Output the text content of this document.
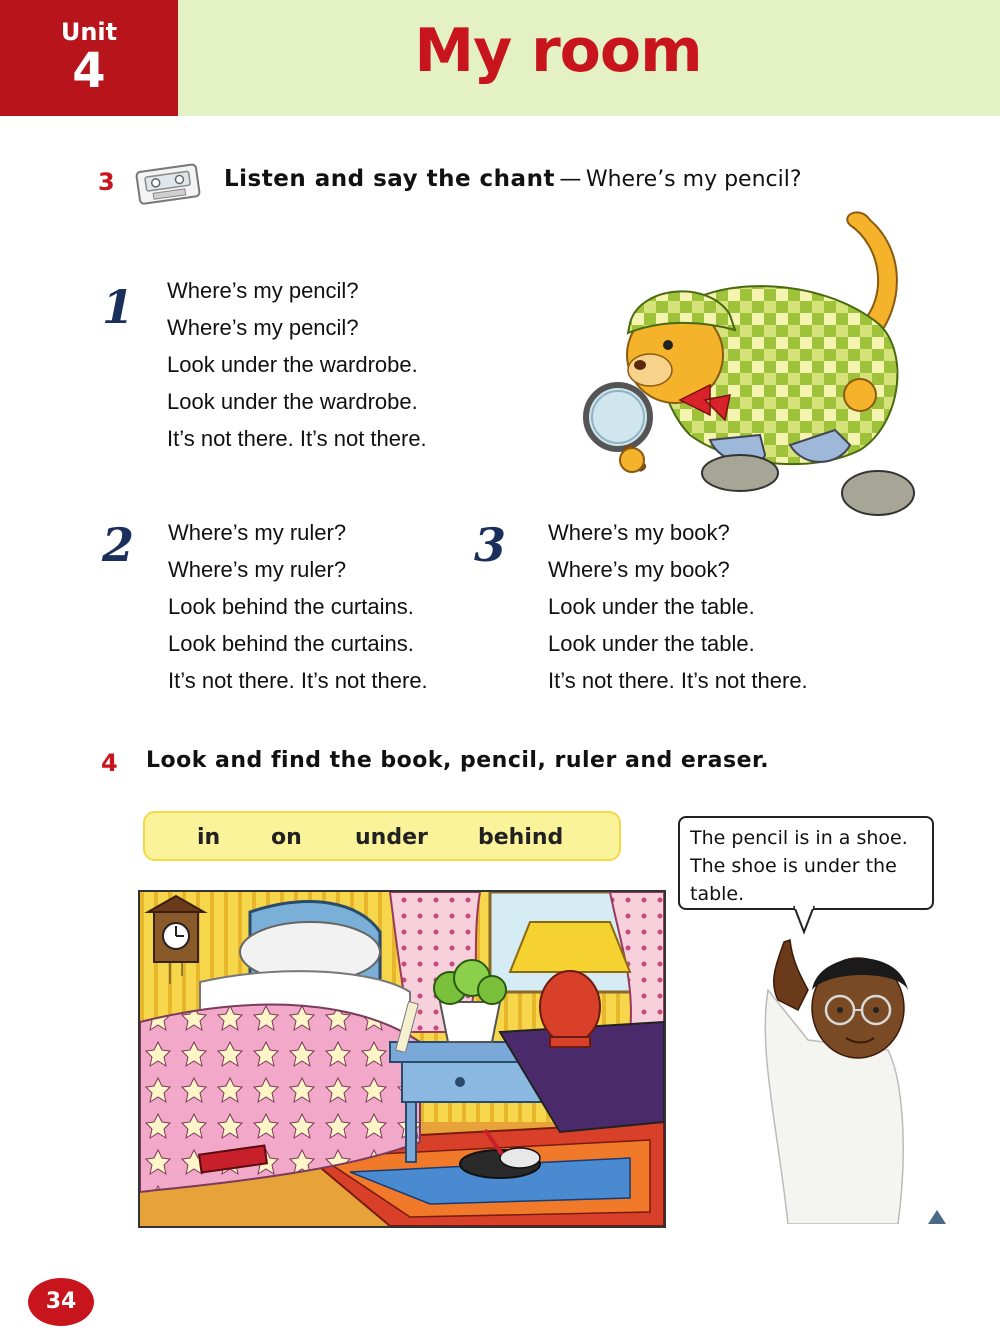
Unit
4	My room
3	Listen and say the chant — Where’s my pencil?
1 Where’s my pencil?
Where’s my pencil?
Look under the wardrobe.
Look under the wardrobe.
It’s not there. It’s not there.
2 Where’s my ruler?
Where’s my ruler?
Look behind the curtains.
Look behind the curtains.
It’s not there. It’s not there.
3 Where’s my book?
Where’s my book?
Look under the table.
Look under the table.
It’s not there. It’s not there.
4 Look and find the book, pencil, ruler and eraser.
in on under behind	The pencil is in a shoe.
The shoe is under the
table.
34
